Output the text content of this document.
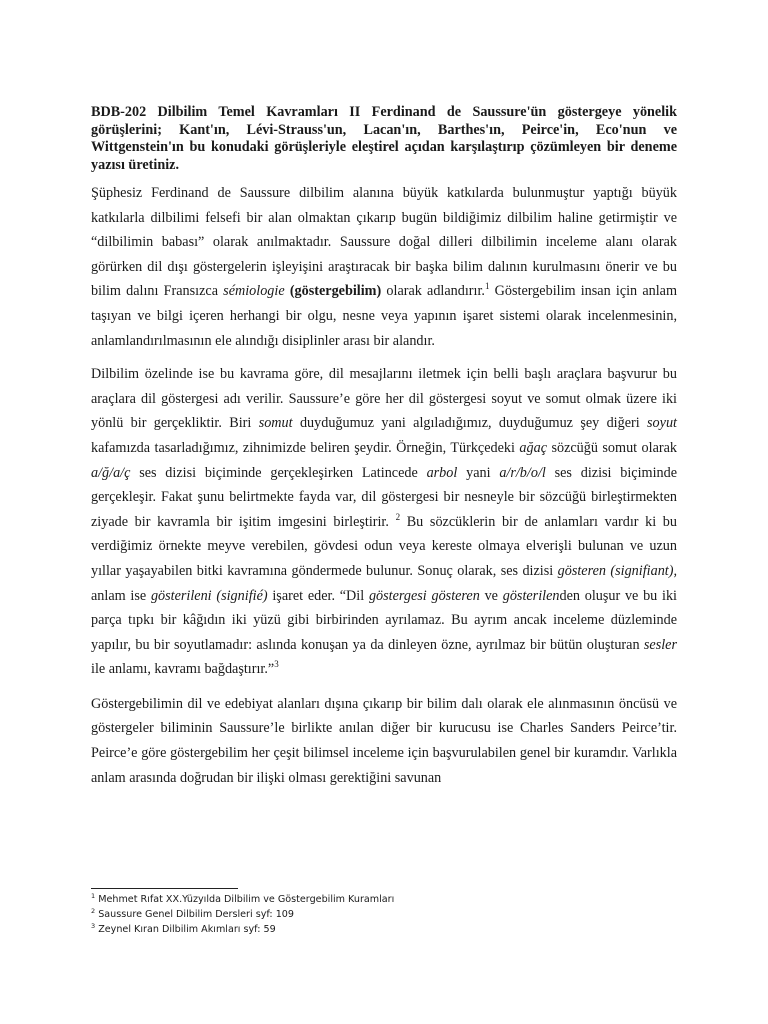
BDB-202 Dilbilim Temel Kavramları II Ferdinand de Saussure'ün göstergeye yönelik görüşlerini; Kant'ın, Lévi-Strauss'un, Lacan'ın, Barthes'ın, Peirce'in, Eco'nun ve Wittgenstein'ın bu konudaki görüşleriyle eleştirel açıdan karşılaştırıp çözümleyen bir deneme yazısı üretiniz.

Şüphesiz Ferdinand de Saussure dilbilim alanına büyük katkılarda bulunmuştur yaptığı büyük katkılarla dilbilimi felsefi bir alan olmaktan çıkarıp bugün bildiğimiz dilbilim haline getirmiştir ve “dilbilimin babası” olarak anılmaktadır. Saussure doğal dilleri dilbilimin inceleme alanı olarak görürken dil dışı göstergelerin işleyişini araştıracak bir başka bilim dalının kurulmasını önerir ve bu bilim dalını Fransızca sémiologie (göstergebilim) olarak adlandırır.$^1$ Göstergebilim insan için anlam taşıyan ve bilgi içeren herhangi bir olgu, nesne veya yapının işaret sistemi olarak incelenmesinin, anlamlandırılmasının ele alındığı disiplinler arası bir alandır.

Dilbilim özelinde ise bu kavrama göre, dil mesajlarını iletmek için belli başlı araçlara başvurur bu araçlara dil göstergesi adı verilir. Saussure’e göre her dil göstergesi soyut ve somut olmak üzere iki yönlü bir gerçekliktir. Biri somut duyduğumuz yani algıladığımız, duyduğumuz şey diğeri soyut kafamızda tasarladığımız, zihnimizde beliren şeydir. Örneğin, Türkçedeki ağaç sözcüğü somut olarak a/ğ/a/ç ses dizisi biçiminde gerçekleşirken Latincede arbol yani a/r/b/o/l ses dizisi biçiminde gerçekleşir. Fakat şunu belirtmekte fayda var, dil göstergesi bir nesneyle bir sözcüğü birleştirmekten ziyade bir kavramla bir işitim imgesini birleştirir. $^2$ Bu sözcüklerin bir de anlamları vardır ki bu verdiğimiz örnekte meyve verebilen, gövdesi odun veya kereste olmaya elverişli bulunan ve uzun yıllar yaşayabilen bitki kavramına göndermede bulunur. Sonuç olarak, ses dizisi gösteren (signifiant), anlam ise gösterileni (signifié) işaret eder. “Dil göstergesi gösteren ve gösterilenden oluşur ve bu iki parça tıpkı bir kâğıdın iki yüzü gibi birbirinden ayrılamaz. Bu ayrım ancak inceleme düzleminde yapılır, bu bir soyutlamadır: aslında konuşan ya da dinleyen özne, ayrılmaz bir bütün oluşturan sesler ile anlamı, kavramı bağdaştırır.”$^3$

Göstergebilimin dil ve edebiyat alanları dışına çıkarıp bir bilim dalı olarak ele alınmasının öncüsü ve göstergeler biliminin Saussure’le birlikte anılan diğer bir kurucusu ise Charles Sanders Peirce’tir. Peirce’e göre göstergebilim her çeşit bilimsel inceleme için başvurulabilen genel bir kuramdır. Varlıkla anlam arasında doğrudan bir ilişki olması gerektiğini savunan

$^1$ Mehmet Rıfat XX.Yüzyılda Dilbilim ve Göstergebilim Kuramları
$^2$ Saussure Genel Dilbilim Dersleri syf: 109
$^3$ Zeynel Kıran Dilbilim Akımları syf: 59
